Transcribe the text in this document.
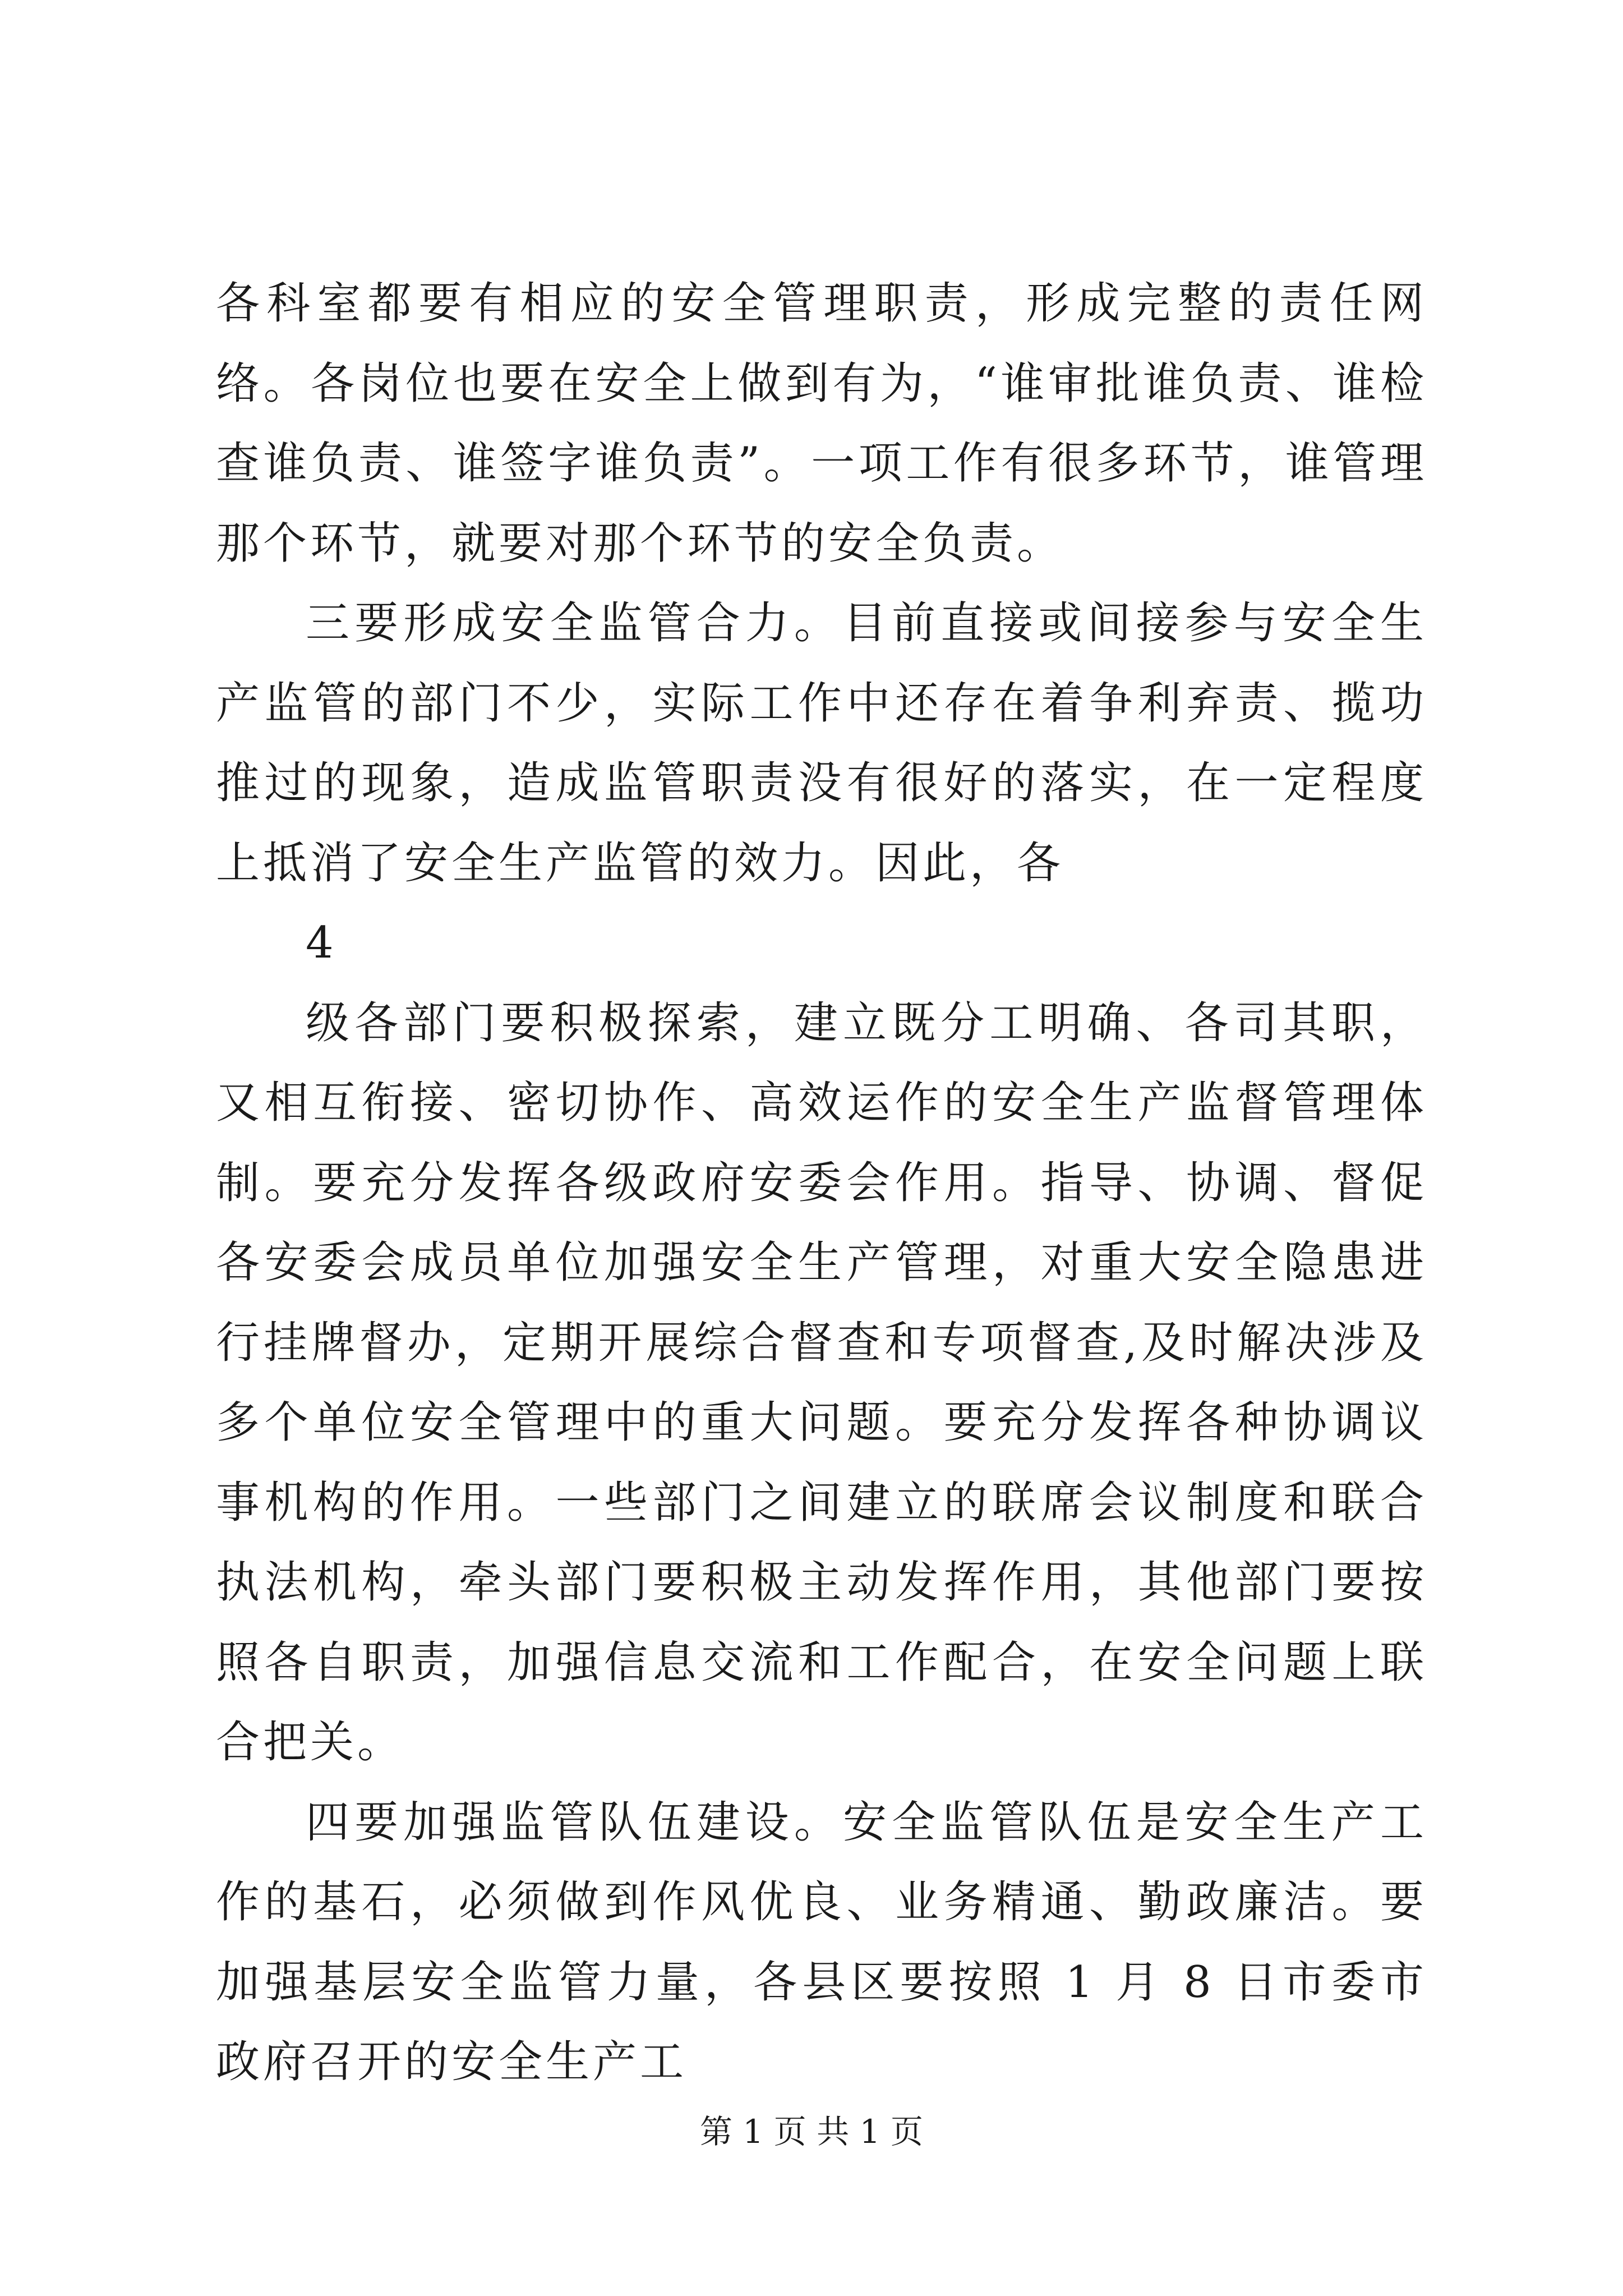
各科室都要有相应的安全管理职责，形成完整的责任网络。各岗位也要在安全上做到有为，“谁审批谁负责、谁检查谁负责、谁签字谁负责”。一项工作有很多环节，谁管理那个环节，就要对那个环节的安全负责。

三要形成安全监管合力。目前直接或间接参与安全生产监管的部门不少，实际工作中还存在着争利弃责、揽功推过的现象，造成监管职责没有很好的落实，在一定程度上抵消了安全生产监管的效力。因此，各

4

级各部门要积极探索，建立既分工明确、各司其职，又相互衔接、密切协作、高效运作的安全生产监督管理体制。要充分发挥各级政府安委会作用。指导、协调、督促各安委会成员单位加强安全生产管理，对重大安全隐患进行挂牌督办，定期开展综合督查和专项督查,及时解决涉及多个单位安全管理中的重大问题。要充分发挥各种协调议事机构的作用。一些部门之间建立的联席会议制度和联合执法机构，牵头部门要积极主动发挥作用，其他部门要按照各自职责，加强信息交流和工作配合，在安全问题上联合把关。

四要加强监管队伍建设。安全监管队伍是安全生产工作的基石，必须做到作风优良、业务精通、勤政廉洁。要加强基层安全监管力量，各县区要按照 1 月 8 日市委市政府召开的安全生产工

第 1 页 共 1 页
